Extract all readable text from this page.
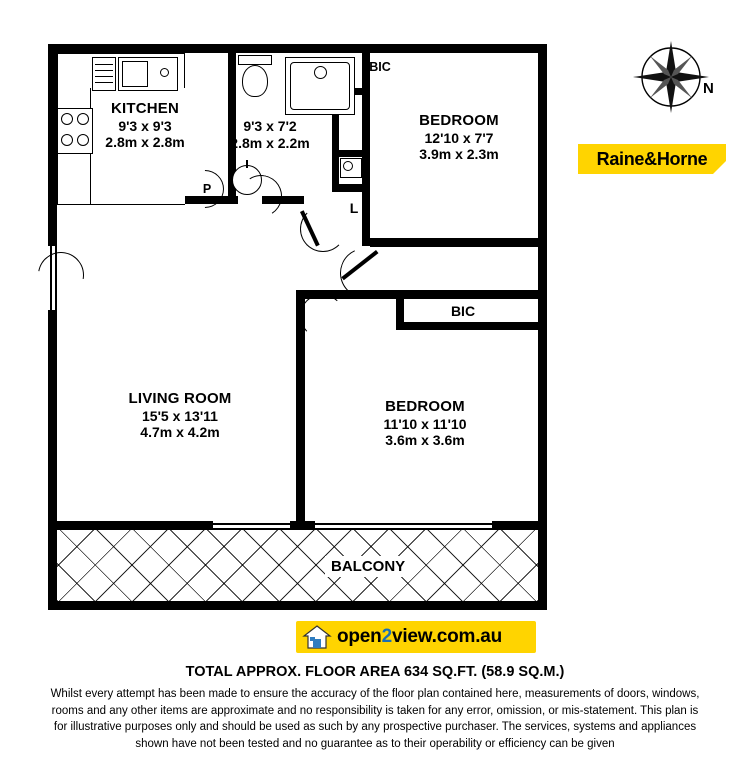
BALCONY
P
KITCHEN
9'3 x 9'3
2.8m x 2.8m
9'3 x 7'2
2.8m x 2.2m
BEDROOM
12'10 x 7'7
3.9m x 2.3m
LIVING ROOM
15'5 x 13'11
4.7m x 4.2m
BEDROOM
11'10 x 11'10
3.6m x 3.6m
BIC
BIC
L
N
Raine&Horne
open 2 view.com.au
TOTAL APPROX. FLOOR AREA 634 SQ.FT. (58.9 SQ.M.)
Whilst every attempt has been made to ensure the accuracy of the floor plan contained here, measurements of doors, windows, rooms and any other items are approximate and no responsibility is taken for any error, omission, or mis-statement. This plan is for illustrative purposes only and should be used as such by any prospective purchaser. The services, systems and appliances shown have not been tested and no guarantee as to their operability or efficiency can be given
